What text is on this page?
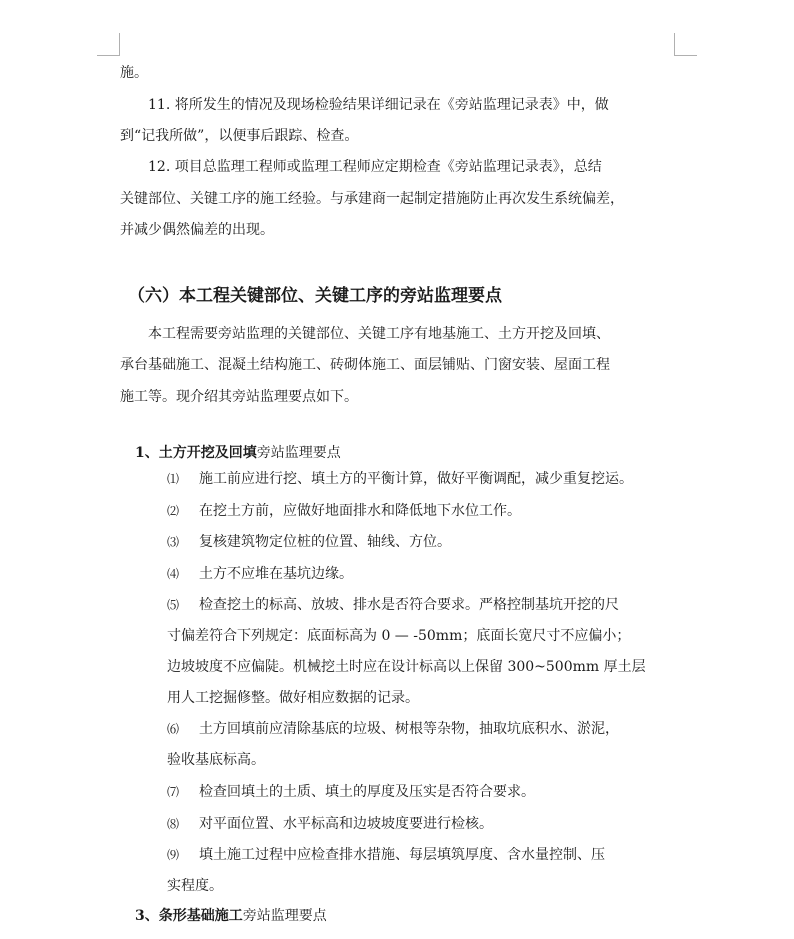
施。
11. 将所发生的情况及现场检验结果详细记录在《旁站监理记录表》中，做
到“记我所做”，以便事后跟踪、检查。
12. 项目总监理工程师或监理工程师应定期检查《旁站监理记录表》，总结
关键部位、关键工序的施工经验。与承建商一起制定措施防止再次发生系统偏差，
并减少偶然偏差的出现。
（六）本工程关键部位、关键工序的旁站监理要点
本工程需要旁站监理的关键部位、关键工序有地基施工、土方开挖及回填、
承台基础施工、混凝土结构施工、砖砌体施工、面层铺贴、门窗安装、屋面工程
施工等。现介绍其旁站监理要点如下。
1、土方开挖及回填旁站监理要点
⑴ 施工前应进行挖、填土方的平衡计算，做好平衡调配，减少重复挖运。
⑵ 在挖土方前，应做好地面排水和降低地下水位工作。
⑶ 复核建筑物定位桩的位置、轴线、方位。
⑷ 土方不应堆在基坑边缘。
⑸ 检查挖土的标高、放坡、排水是否符合要求。严格控制基坑开挖的尺
寸偏差符合下列规定：底面标高为 0 — -50mm；底面长宽尺寸不应偏小；
边坡坡度不应偏陡。机械挖土时应在设计标高以上保留 300~500mm 厚土层
用人工挖掘修整。做好相应数据的记录。
⑹ 土方回填前应清除基底的垃圾、树根等杂物，抽取坑底积水、淤泥，
验收基底标高。
⑺ 检查回填土的土质、填土的厚度及压实是否符合要求。
⑻ 对平面位置、水平标高和边坡坡度要进行检核。
⑼ 填土施工过程中应检查排水措施、每层填筑厚度、含水量控制、压
实程度。
3、条形基础施工旁站监理要点
